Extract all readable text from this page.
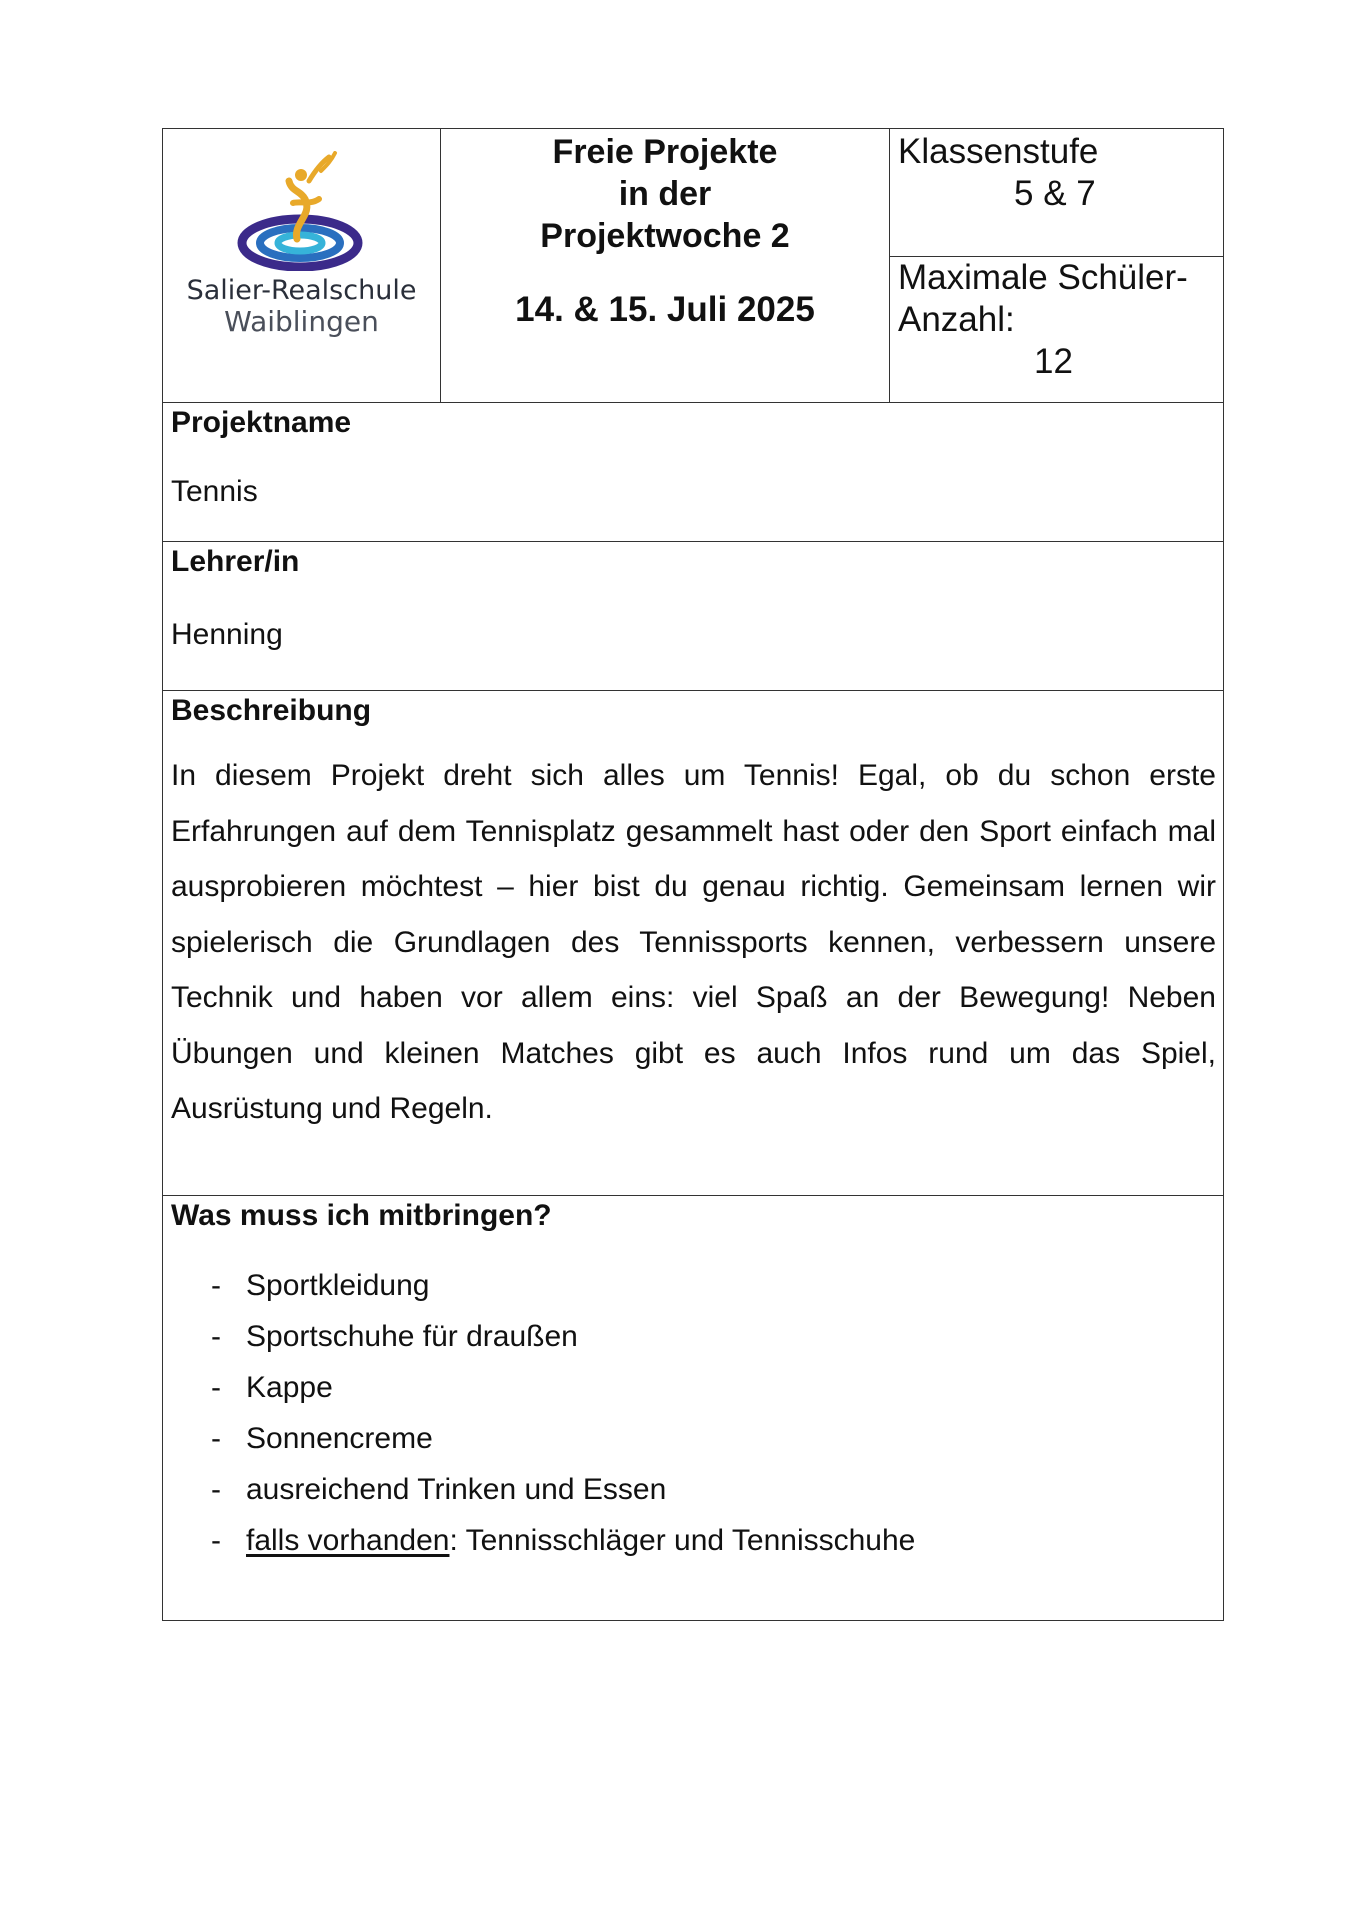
Salier-Realschule
Waiblingen
Freie Projekte
in der
Projektwoche 2
14. & 15. Juli 2025
Klassenstufe
5 & 7
Maximale Schüler-
Anzahl:
12
Projektname
Tennis
Lehrer/in
Henning
Beschreibung
In diesem Projekt dreht sich alles um Tennis! Egal, ob du schon erste Erfahrungen auf dem Tennisplatz gesammelt hast oder den Sport einfach mal ausprobieren möchtest – hier bist du genau richtig. Gemeinsam lernen wir spielerisch die Grundlagen des Tennissports kennen, verbessern unsere Technik und haben vor allem eins: viel Spaß an der Bewegung! Neben Übungen und kleinen Matches gibt es auch Infos rund um das Spiel, Ausrüstung und Regeln.
Was muss ich mitbringen?
- Sportkleidung
- Sportschuhe für draußen
- Kappe
- Sonnencreme
- ausreichend Trinken und Essen
- falls vorhanden: Tennisschläger und Tennisschuhe
